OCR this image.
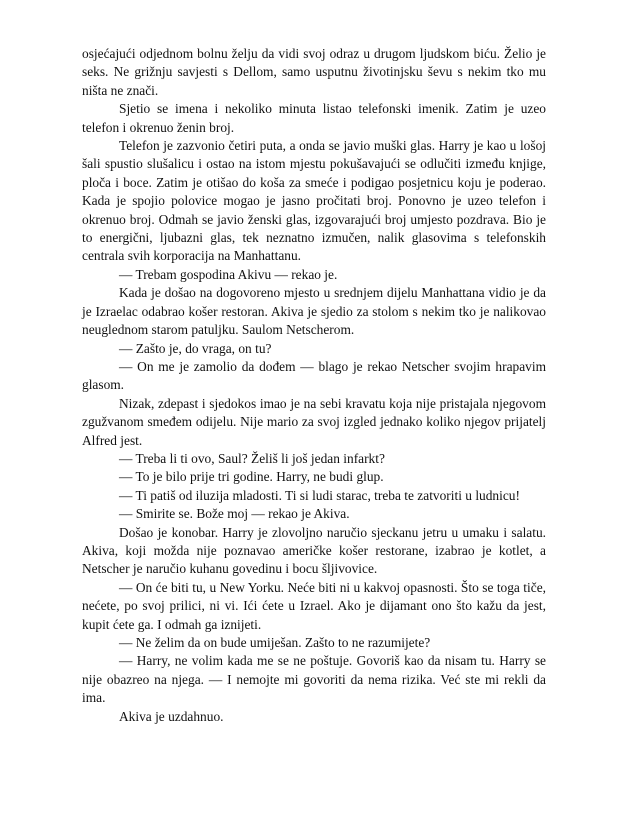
osjećajući odjednom bolnu želju da vidi svoj odraz u drugom ljudskom biću. Želio je seks. Ne grižnju savjesti s Dellom, samo usputnu životinjsku ševu s nekim tko mu ništa ne znači.

Sjetio se imena i nekoliko minuta listao telefonski imenik. Zatim je uzeo telefon i okrenuo ženin broj.

Telefon je zazvonio četiri puta, a onda se javio muški glas. Harry je kao u lošoj šali spustio slušalicu i ostao na istom mjestu pokušavajući se odlučiti između knjige, ploča i boce. Zatim je otišao do koša za smeće i podigao posjetnicu koju je poderao. Kada je spojio polovice mogao je jasno pročitati broj. Ponovno je uzeo telefon i okrenuo broj. Odmah se javio ženski glas, izgovarajući broj umjesto pozdrava. Bio je to energični, ljubazni glas, tek neznatno izmučen, nalik glasovima s telefonskih centrala svih korporacija na Manhattanu.

— Trebam gospodina Akivu — rekao je.

Kada je došao na dogovoreno mjesto u srednjem dijelu Manhattana vidio je da je Izraelac odabrao košer restoran. Akiva je sjedio za stolom s nekim tko je nalikovao neuglednom starom patuljku. Saulom Netscherom.

— Zašto je, do vraga, on tu?

— On me je zamolio da dođem — blago je rekao Netscher svojim hrapavim glasom.

Nizak, zdepast i sjedokos imao je na sebi kravatu koja nije pristajala njegovom zgužvanom smeđem odijelu. Nije mario za svoj izgled jednako koliko njegov prijatelj Alfred jest.

— Treba li ti ovo, Saul? Želiš li još jedan infarkt?

— To je bilo prije tri godine. Harry, ne budi glup.

— Ti patiš od iluzija mladosti. Ti si ludi starac, treba te zatvoriti u ludnicu!

— Smirite se. Bože moj — rekao je Akiva.

Došao je konobar. Harry je zlovoljno naručio sjeckanu jetru u umaku i salatu. Akiva, koji možda nije poznavao američke košer restorane, izabrao je kotlet, a Netscher je naručio kuhanu govedinu i bocu šljivovice.

— On će biti tu, u New Yorku. Neće biti ni u kakvoj opasnosti. Što se toga tiče, nećete, po svoj prilici, ni vi. Ići ćete u Izrael. Ako je dijamant ono što kažu da jest, kupit ćete ga. I odmah ga iznijeti.

— Ne želim da on bude umiješan. Zašto to ne razumijete?

— Harry, ne volim kada me se ne poštuje. Govoriš kao da nisam tu. Harry se nije obazreo na njega. — I nemojte mi govoriti da nema rizika. Već ste mi rekli da ima.

Akiva je uzdahnuo.
